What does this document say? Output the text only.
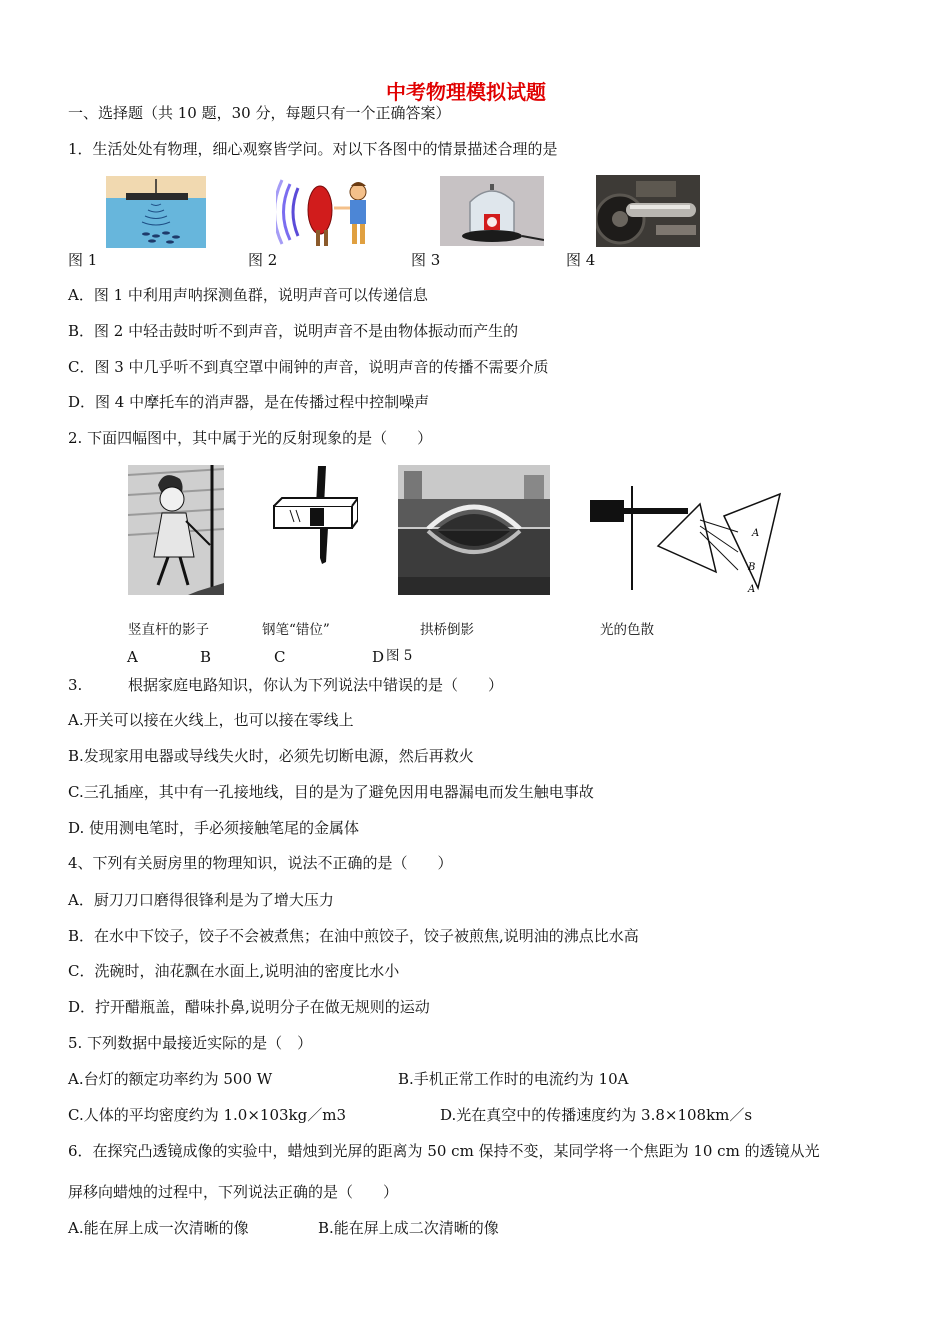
中考物理模拟试题
一、选择题（共 10 题，30 分，每题只有一个正确答案）
1．生活处处有物理，细心观察皆学问。对以下各图中的情景描述合理的是
图 1	图 2	图 3	图 4
A．图 1 中利用声呐探测鱼群，说明声音可以传递信息
B．图 2 中轻击鼓时听不到声音，说明声音不是由物体振动而产生的
C．图 3 中几乎听不到真空罩中闹钟的声音，说明声音的传播不需要介质
D．图 4 中摩托车的消声器，是在传播过程中控制噪声
2. 下面四幅图中，其中属于光的反射现象的是（　　）
A
B
A
竖直杆的影子	钢笔“错位”	拱桥倒影	光的色散
A	B	C	D 图 5
3.	根据家庭电路知识，你认为下列说法中错误的是（　　）
A.开关可以接在火线上，也可以接在零线上
B.发现家用电器或导线失火时，必须先切断电源，然后再救火
C.三孔插座，其中有一孔接地线，目的是为了避免因用电器漏电而发生触电事故
D. 使用测电笔时，手必须接触笔尾的金属体
4、下列有关厨房里的物理知识，说法不正确的是（　　）
A．厨刀刀口磨得很锋利是为了增大压力
B．在水中下饺子，饺子不会被煮焦；在油中煎饺子，饺子被煎焦,说明油的沸点比水高
C．洗碗时，油花飘在水面上,说明油的密度比水小
D．拧开醋瓶盖，醋味扑鼻,说明分子在做无规则的运动
5. 下列数据中最接近实际的是（　）
A.台灯的额定功率约为 500 W	B.手机正常工作时的电流约为 10A
C.人体的平均密度约为 1.0×103kg／m3	D.光在真空中的传播速度约为 3.8×108km／s
6．在探究凸透镜成像的实验中，蜡烛到光屏的距离为 50 cm 保持不变，某同学将一个焦距为 10 cm 的透镜从光
屏移向蜡烛的过程中，下列说法正确的是（　　）
A.能在屏上成一次清晰的像	B.能在屏上成二次清晰的像
